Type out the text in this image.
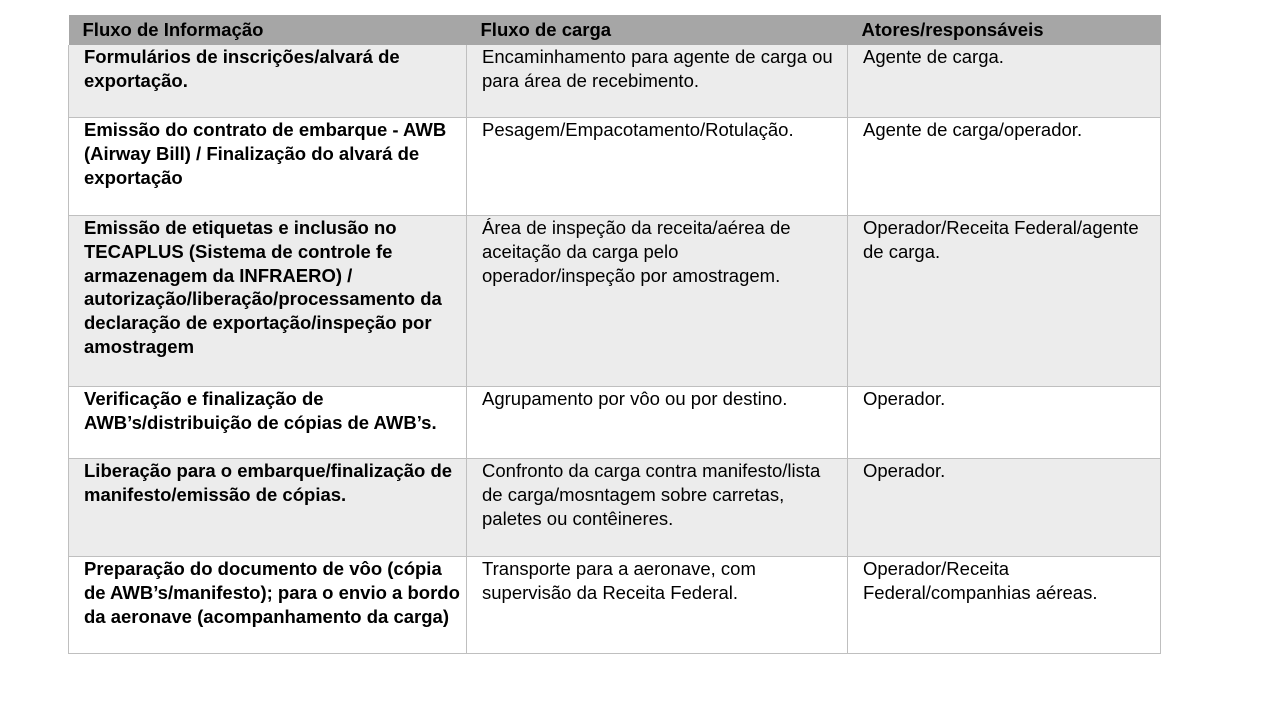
Fluxo de Informação	Fluxo de carga	Atores/responsáveis
Formulários de inscrições/alvará de exportação.	Encaminhamento para agente de carga ou para área de recebimento.	Agente de carga.
Emissão do contrato de embarque - AWB (Airway Bill) / Finalização do alvará de exportação	Pesagem/Empacotamento/Rotulação.	Agente de carga/operador.
Emissão de etiquetas e inclusão no TECAPLUS (Sistema de controle fe armazenagem da INFRAERO) / autorização/liberação/processamento da declaração de exportação/inspeção por amostragem	Área de inspeção da receita/aérea de aceitação da carga pelo operador/inspeção por amostragem.	Operador/Receita Federal/agente de carga.
Verificação e finalização de AWB’s/distribuição de cópias de AWB’s.	Agrupamento por vôo ou por destino.	Operador.
Liberação para o embarque/finalização de manifesto/emissão de cópias.	Confronto da carga contra manifesto/lista de carga/mosntagem sobre carretas, paletes ou contêineres.	Operador.
Preparação do documento de vôo (cópia de AWB’s/manifesto); para o envio a bordo da aeronave (acompanhamento da carga)	Transporte para a aeronave, com supervisão da Receita Federal.	Operador/Receita Federal/companhias aéreas.
